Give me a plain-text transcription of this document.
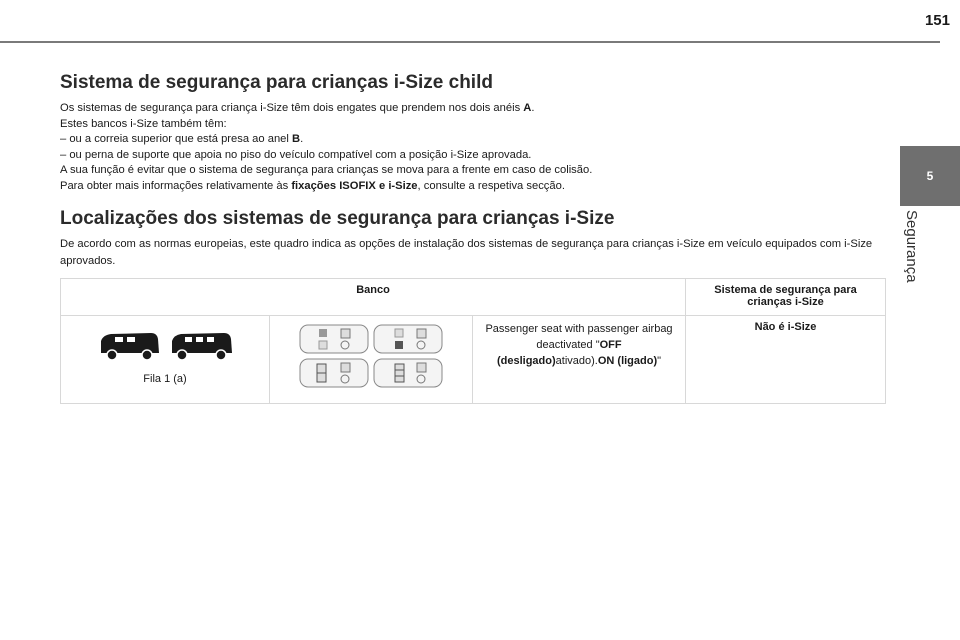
151
5
Segurança
Sistema de segurança para crianças i-Size child

Os sistemas de segurança para criança i-Size têm dois engates que prendem nos dois anéis A.

Estes bancos i-Size também têm:

– ou a correia superior que está presa ao anel B.

– ou perna de suporte que apoia no piso do veículo compatível com a posição i-Size aprovada.

A sua função é evitar que o sistema de segurança para crianças se mova para a frente em caso de colisão.

Para obter mais informações relativamente às fixações ISOFIX e i-Size, consulte a respetiva secção.

Localizações dos sistemas de segurança para crianças i-Size

De acordo com as normas europeias, este quadro indica as opções de instalação dos sistemas de segurança para crianças i-Size em veículo equipados com i-Size aprovados.

Banco			Sistema de segurança para crianças i-Size

Fila 1 (a)		Passenger seat with passenger airbag deactivated "OFF (desligado)ativado).ON (ligado)"	Não é i-Size
